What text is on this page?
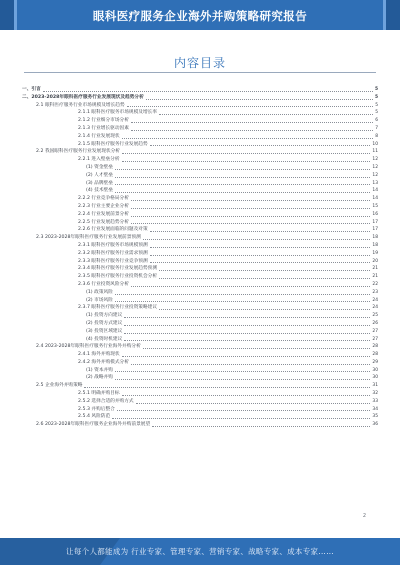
眼科医疗服务企业海外并购策略研究报告
内容目录
一、引言	5
二、2023-2028年眼科医疗服务行业发展现状及趋势分析	5
2.1 眼科医疗服务行业市场规模及增长趋势	5
2.1.1 眼科医疗服务市场规模及增长率	5
2.1.2 行业细分市场分析	6
2.1.3 行业增长驱动因素	7
2.1.4 行业发展现状	8
2.1.5 眼科医疗服务行业发展趋势	10
2.2 我国眼科医疗服务行业发展现状分析	11
2.2.1 进入壁垒分析	12
(1) 资金壁垒	12
(2) 人才壁垒	12
(3) 品牌壁垒	13
(4) 技术壁垒	14
2.2.2 行业竞争格局分析	14
2.2.3 行业主要企业分析	15
2.2.4 行业发展前景分析	16
2.2.5 行业发展趋势分析	17
2.2.6 行业发展面临的问题及对策	17
2.3 2023-2028年眼科医疗服务行业发展前景预测	18
2.3.1 眼科医疗服务市场规模预测	18
2.3.2 眼科医疗服务行业需求预测	19
2.3.3 眼科医疗服务行业竞争预测	20
2.3.4 眼科医疗服务行业发展趋势预测	21
2.3.5 眼科医疗服务行业投资机会分析	21
2.3.6 行业投资风险分析	22
(1) 政策风险	23
(2) 市场风险	24
2.3.7 眼科医疗服务行业投资策略建议	24
(1) 投资方向建议	25
(2) 投资方式建议	26
(3) 投资区域建议	27
(4) 投资时机建议	27
2.4 2023-2028年眼科医疗服务行业海外并购分析	28
2.4.1 海外并购现状	28
2.4.2 海外并购模式分析	29
(1) 资本并购	30
(2) 战略并购	30
2.5 企业海外并购策略	31
2.5.1 明确并购目标	32
2.5.2 选择合适的并购方式	33
2.5.3 并购后整合	34
2.5.4 风险防范	35
2.6 2023-2028年眼科医疗服务企业海外并购前景展望	36
2
让每个人都能成为 行业专家、管理专家、营销专家、战略专家、成本专家……
